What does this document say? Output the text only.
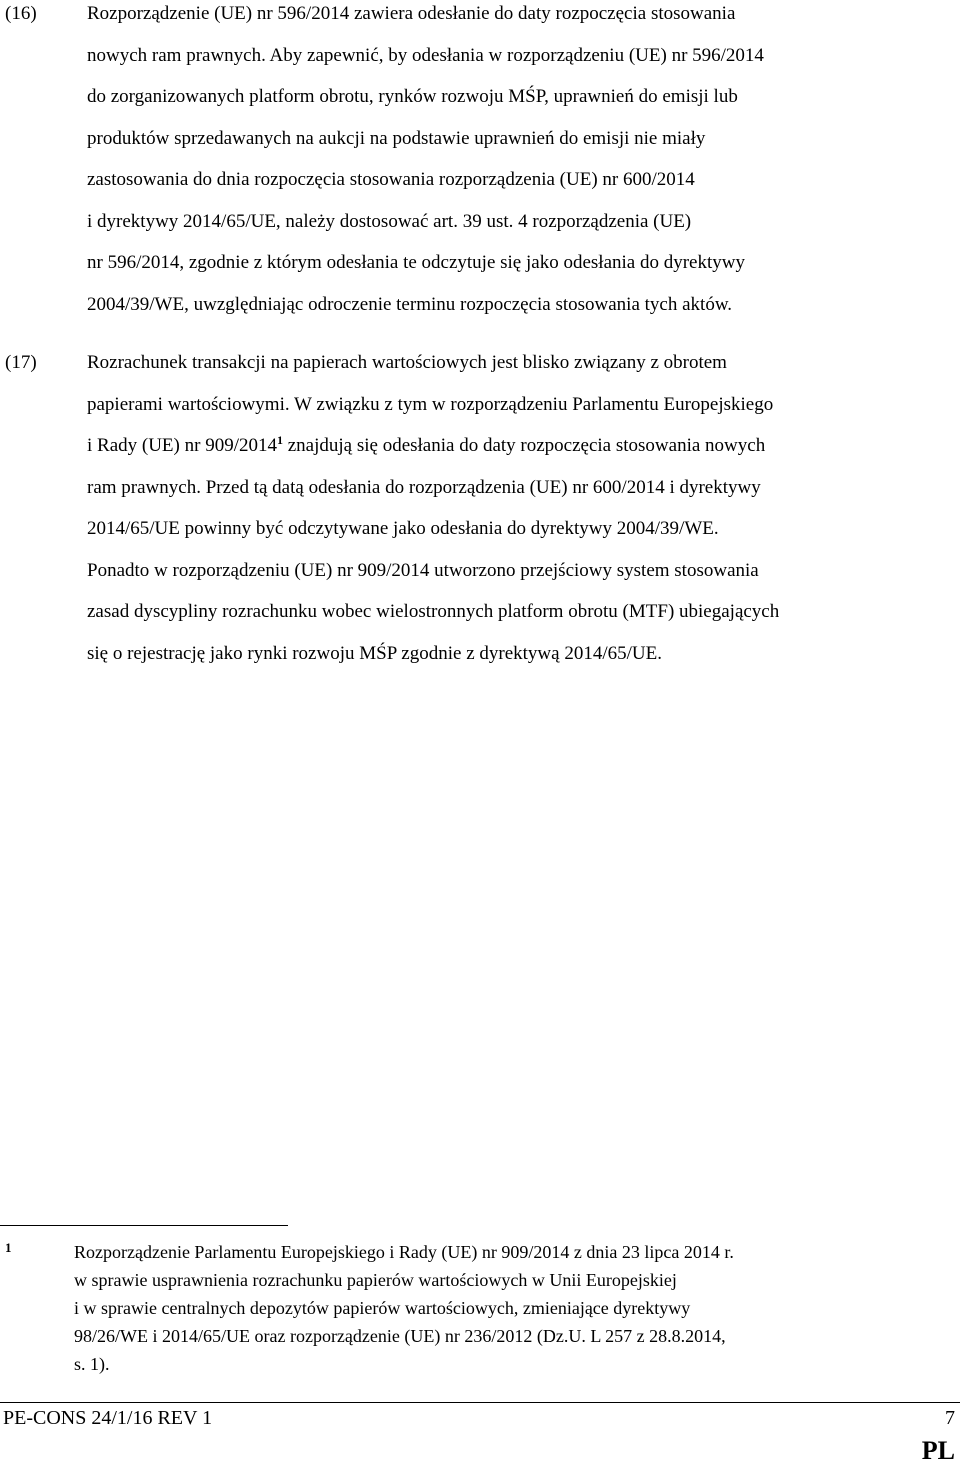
(16)	Rozporządzenie (UE) nr 596/2014 zawiera odesłanie do daty rozpoczęcia stosowania
nowych ram prawnych. Aby zapewnić, by odesłania w rozporządzeniu (UE) nr 596/2014
do zorganizowanych platform obrotu, rynków rozwoju MŚP, uprawnień do emisji lub
produktów sprzedawanych na aukcji na podstawie uprawnień do emisji nie miały
zastosowania do dnia rozpoczęcia stosowania rozporządzenia (UE) nr 600/2014
i dyrektywy 2014/65/UE, należy dostosować art. 39 ust. 4 rozporządzenia (UE)
nr 596/2014, zgodnie z którym odesłania te odczytuje się jako odesłania do dyrektywy
2004/39/WE, uwzględniając odroczenie terminu rozpoczęcia stosowania tych aktów.
(17)	Rozrachunek transakcji na papierach wartościowych jest blisko związany z obrotem
papierami wartościowymi. W związku z tym w rozporządzeniu Parlamentu Europejskiego
i Rady (UE) nr 909/2014$^1$ znajdują się odesłania do daty rozpoczęcia stosowania nowych
ram prawnych. Przed tą datą odesłania do rozporządzenia (UE) nr 600/2014 i dyrektywy
2014/65/UE powinny być odczytywane jako odesłania do dyrektywy 2004/39/WE.
Ponadto w rozporządzeniu (UE) nr 909/2014 utworzono przejściowy system stosowania
zasad dyscypliny rozrachunku wobec wielostronnych platform obrotu (MTF) ubiegających
się o rejestrację jako rynki rozwoju MŚP zgodnie z dyrektywą 2014/65/UE.
1	Rozporządzenie Parlamentu Europejskiego i Rady (UE) nr 909/2014 z dnia 23 lipca 2014 r.
w sprawie usprawnienia rozrachunku papierów wartościowych w Unii Europejskiej
i w sprawie centralnych depozytów papierów wartościowych, zmieniające dyrektywy
98/26/WE i 2014/65/UE oraz rozporządzenie (UE) nr 236/2012 (Dz.U. L 257 z 28.8.2014,
s. 1).
PE-CONS 24/1/16 REV 1	7
PL
